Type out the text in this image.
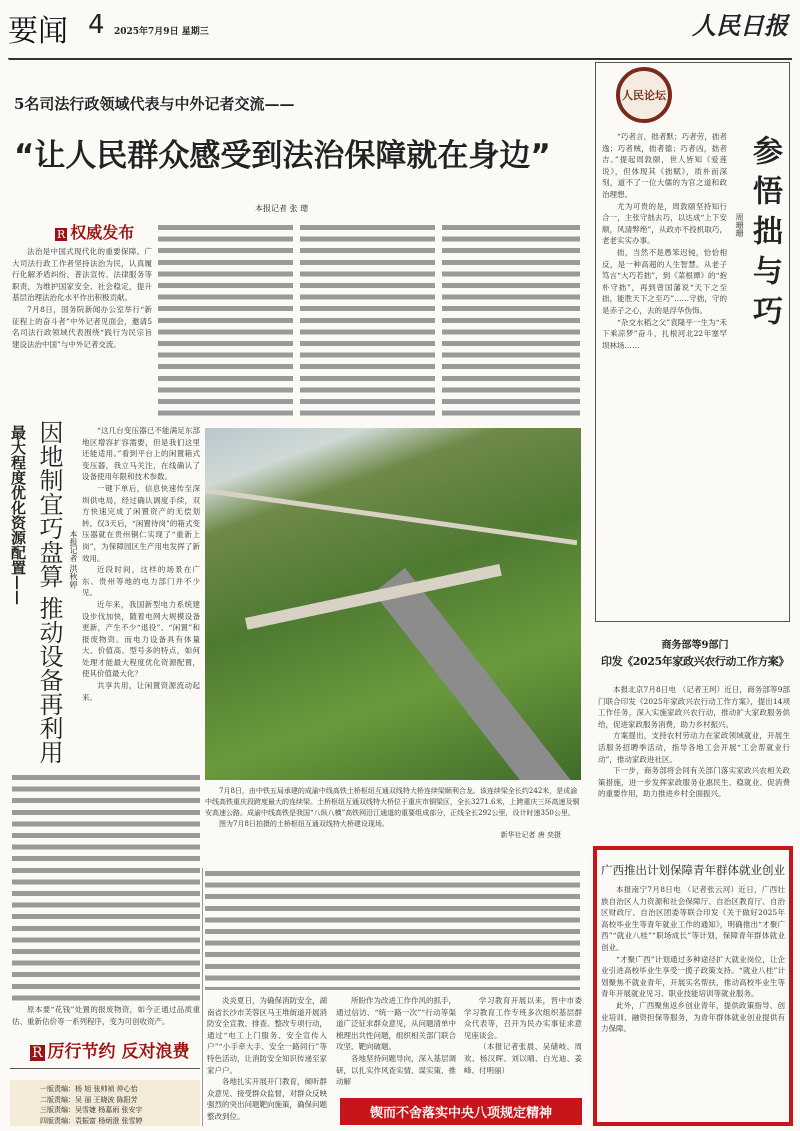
要闻 4 2025年7月9日 星期三	人民日报
5名司法行政领域代表与中外记者交流——
“让人民群众感受到法治保障就在身边”
本报记者 张 璁
R 权威发布

法治是中国式现代化的重要保障。广大司法行政工作者坚持法治为民，认真履行化解矛盾纠纷、普法宣传、法律服务等职责，为维护国家安全、社会稳定，提升基层治理法治化水平作出积极贡献。

7月8日，国务院新闻办公室举行“新征程上的奋斗者”中外记者见面会，邀请5名司法行政领域代表围绕“践行为民宗旨 建设法治中国”与中外记者交流。

最大程度优化资源配置—— 因地制宜巧盘算
推动设备再利用
本报记者 洪秋婷

“这几台变压器已不能满足东部地区增容扩容需要，但是我们这里还能适用。”看到平台上的闲置箱式变压器，我立马关注，在线确认了设备使用年限和技术参数。

一键下单后，信息快速传至深圳供电局，经过确认调度手续，双方快速完成了闲置资产的无偿划转。仅3天后，“闲置待岗”的箱式变压器就在贵州铜仁实现了“重新上岗”，为保障园区生产用电发挥了新效用。

近段时间，这样的场景在广东、贵州等地的电力部门并不少见。

近年来，我国新型电力系统建设步伐加快，随着电网大规模设备更新，产生不少“退役”、“闲置”和报废物资。而电力设备具有体量大、价值高、型号多的特点，如何处理才能最大程度优化资源配置，使其价值最大化？

共享共用，让闲置资源流动起来。

原本要“花钱”处置的报废物资，如今正通过品质重估、重新估价等一系列程序，变为可创收资产。

R 厉行节约 反对浪费
一版责编：杨 旭 张帅祯 仲心怡
二版责编：吴 丽 王晓波 陈阳芳
三版责编：吴雪婕 杨嘉雨 张安宇
四版责编：袁振富 杨炳澄 张雪婷

7月8日，由中铁五局承建的成渝中线高铁土桥枢纽互通双线特大桥连续梁顺利合龙。该连续梁全长约242米，是成渝中线高铁重庆段跨度最大的连续梁。土桥枢纽互通双线特大桥位于重庆市铜梁区，全长3271.6米，上跨重庆三环高速及铜安高速公路。成渝中线高铁是我国“八纵八横”高铁网沿江通道的重要组成部分，正线全长292公里，设计时速350公里。

图为7月8日拍摄的土桥枢纽互通双线特大桥建设现场。

新华社记者 唐 奕摄

炎炎夏日，为确保消防安全，湖南省长沙市芙蓉区马王堆街道开展消防安全宣教、排查、整改专项行动，通过“电工上门服务、安全宣传入户”“小手牵大手、安全一路同行”等特色活动，让消防安全知识传递至家家户户。

各地扎实开展开门教育，倾听群众意见、接受群众监督，对群众反映强烈的突出问题靶向施策，确保问题整改到位。

所盼作为改进工作作风的抓手，通过信访、“统一路一次”“行动等渠道广泛征求群众意见，从问题清单中梳理出共性问题，组织相关部门联合攻坚、靶向破题。

各地坚持问题导向，深入基层调研，以扎实作风查实情、谋实策、推动解

学习教育开展以来，晋中市委学习教育工作专班多次组织基层群众代表等，召开为民办实事征求意见座谈会。

（本报记者张晨、吴储岐、周欢、杨汉晖、刘以晴、白光迪、姜峰、付明丽）

锲而不舍落实中央八项规定精神
人民论坛
参悟拙与巧
周珊珊

“巧者言，拙者默；巧者劳，拙者逸；巧者贼，拙者德；巧者凶，拙者吉。”提起周敦颐，世人皆知《爱莲说》，但体现其《拙赋》，质朴而深刻，道不了一位大儒的为官之道和政治理想。

尤为可贵的是，周敦颐坚持知行合一，主张守拙去巧，以达成“上下安顺，风清弊绝”，从政亦不投机取巧，老老实实办事。

拙，当然不是愚笨迟钝，恰恰相反，是一种高超的人生智慧。从老子笃言“大巧若拙”，到《菜根谭》的“抱朴守拙”，再到曾国藩说“天下之至拙，能胜天下之至巧”……守拙，守的是赤子之心，去的是浮华伪饰。

“杂交水稻之父”袁隆平一生为“禾下乘凉梦”奋斗，扎根河北22年塞罕坝林场……

商务部等9部门
印发《2025年家政兴农行动工作方案》

本报北京7月8日电 （记者王珂）近日，商务部等9部门联合印发《2025年家政兴农行动工作方案》，提出14项工作任务，深入实施家政兴农行动，推动扩大家政服务供给，促进家政服务消费，助力乡村振兴。

方案提出，支持农村劳动力在家政领域就业，开展生活服务招聘季活动，指导各地工会开展“工会帮就业行动”，推动家政进社区。

下一步，商务部将会同有关部门落实家政兴农相关政策措施，进一步发挥家政服务业惠民生、稳就业、促消费的重要作用，助力推进乡村全面振兴。

广西推出计划保障青年群体就业创业

本报南宁7月8日电 （记者张云河）近日，广西壮族自治区人力资源和社会保障厅、自治区教育厅、自治区财政厅、自治区团委等联合印发《关于做好2025年高校毕业生等青年就业工作的通知》，明确推出“才聚广西”“就业八桂”“职场成长”等计划，保障青年群体就业创业。

“才聚广西”计划通过多种途径扩大就业岗位，让企业引进高校毕业生享受一揽子政策支持。“就业八桂”计划聚焦不就业青年，开展实名帮扶，推动高校毕业生等青年开展就业见习、职业技能培训等就业服务。

此外，广西聚焦返乡创业青年，提供政策指导、创业培训、融资担保等服务，为青年群体就业创业提供有力保障。
